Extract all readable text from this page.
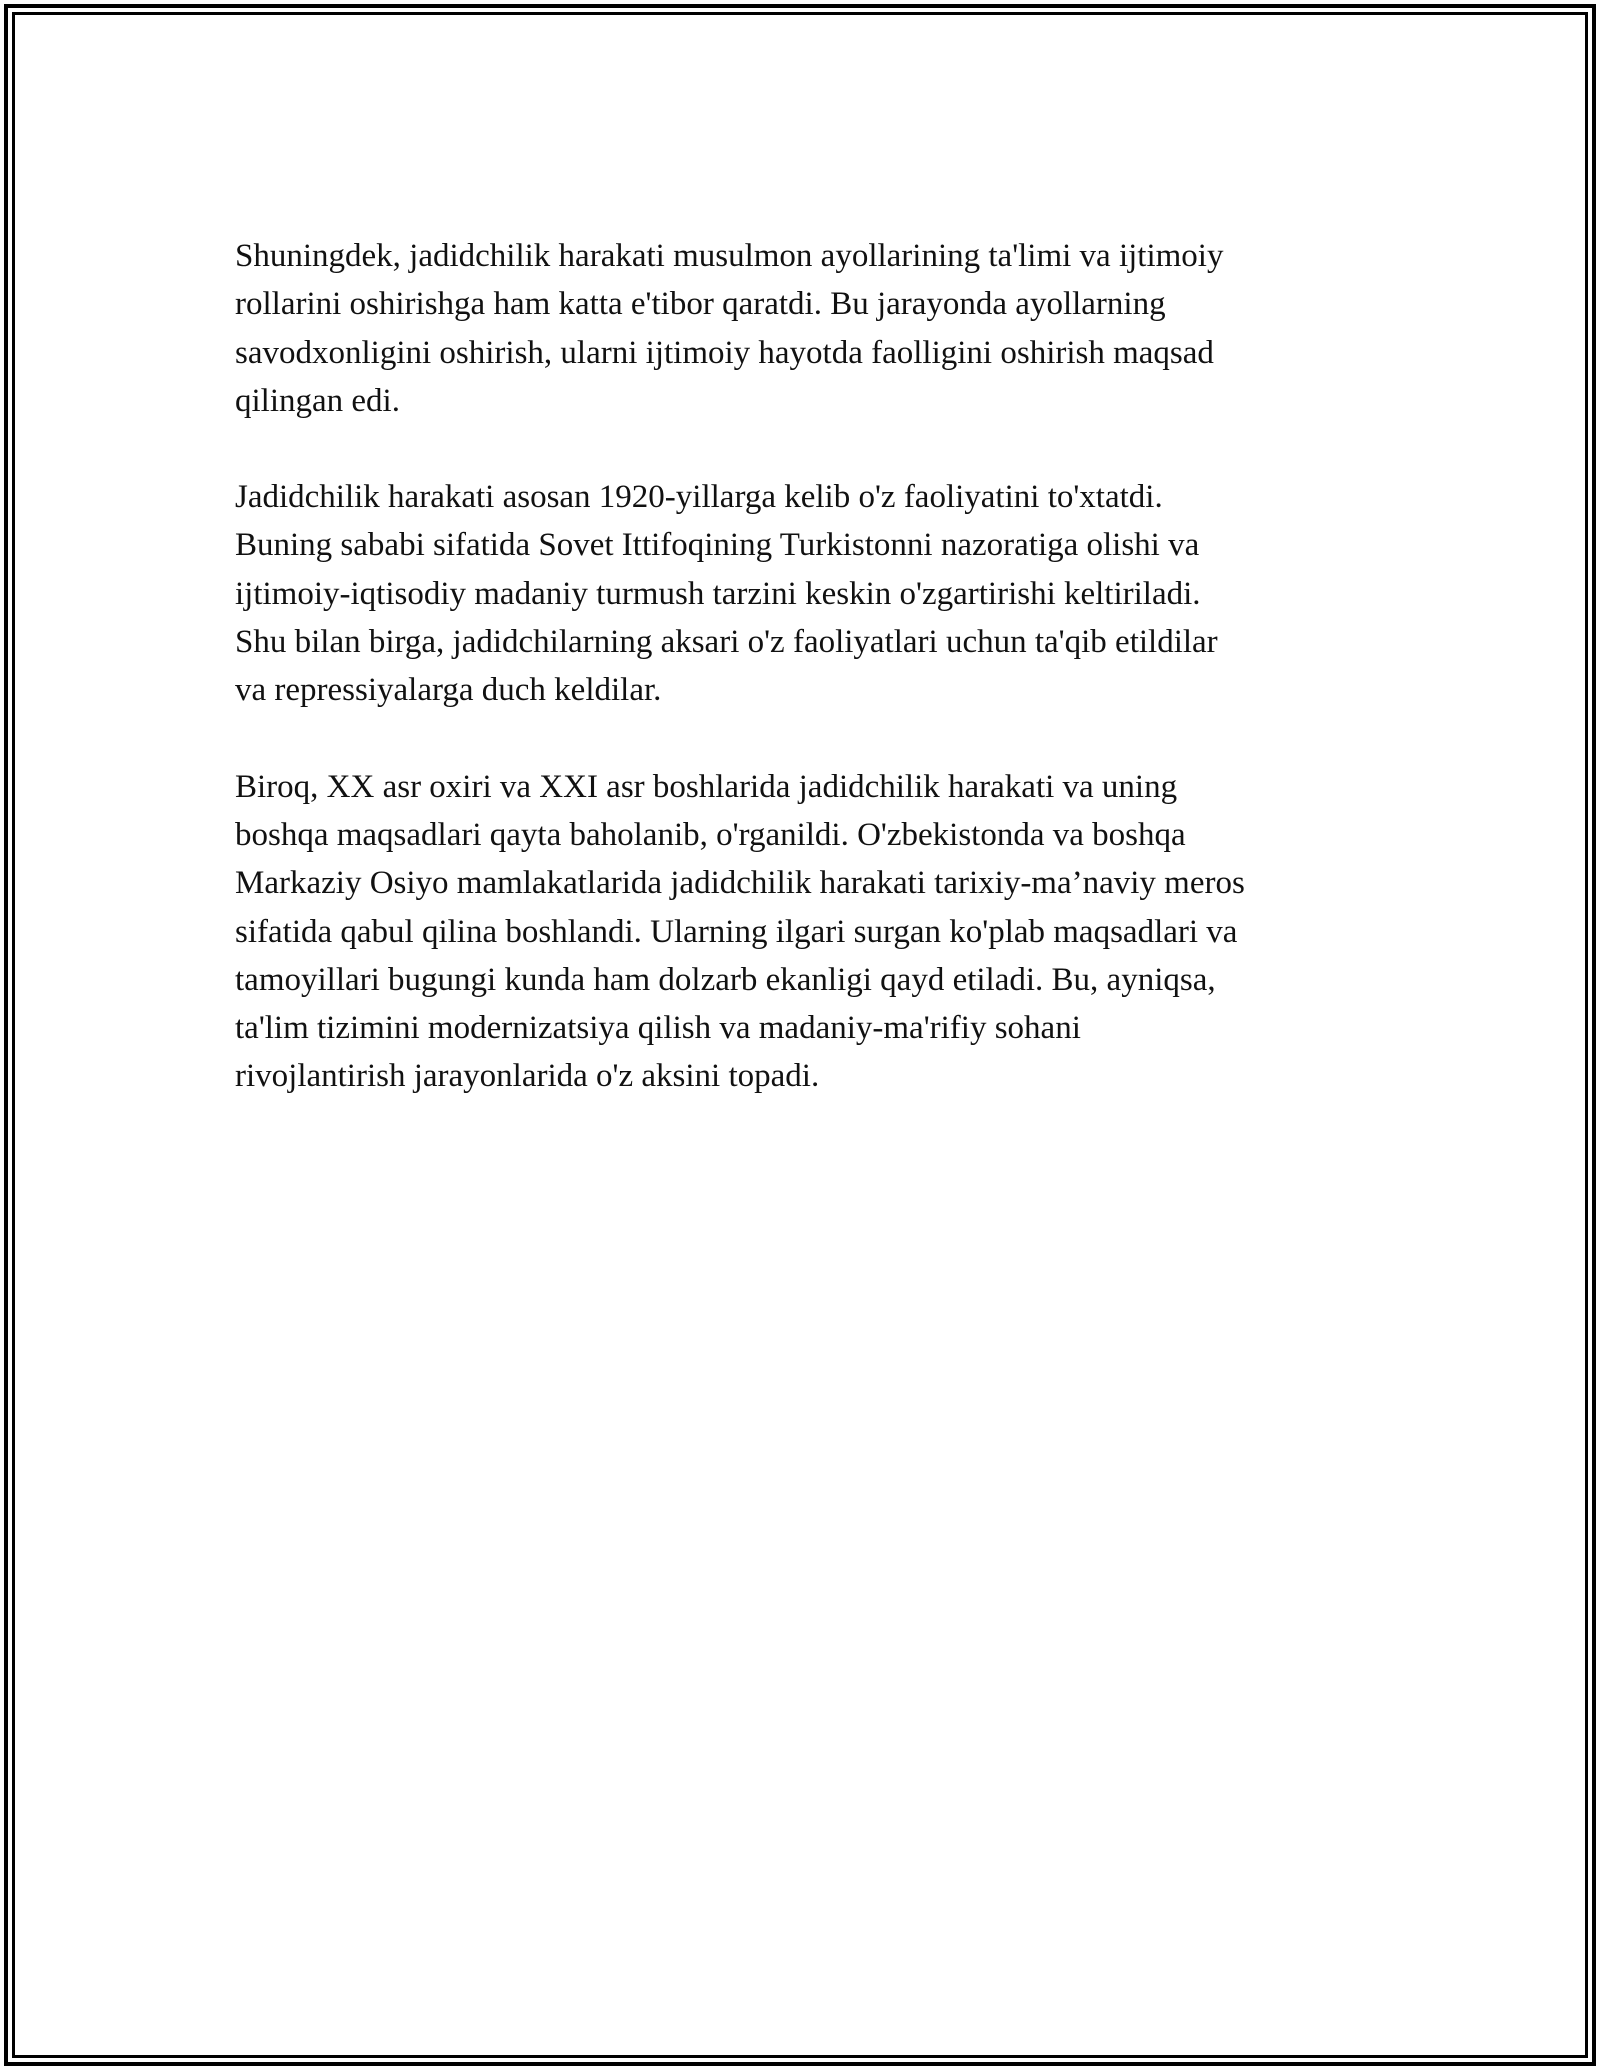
Shuningdek, jadidchilik harakati musulmon ayollarining ta'limi va ijtimoiy
rollarini oshirishga ham katta e'tibor qaratdi. Bu jarayonda ayollarning
savodxonligini oshirish, ularni ijtimoiy hayotda faolligini oshirish maqsad
qilingan edi.

Jadidchilik harakati asosan 1920-yillarga kelib o'z faoliyatini to'xtatdi.
Buning sababi sifatida Sovet Ittifoqining Turkistonni nazoratiga olishi va
ijtimoiy-iqtisodiy madaniy turmush tarzini keskin o'zgartirishi keltiriladi.
Shu bilan birga, jadidchilarning aksari o'z faoliyatlari uchun ta'qib etildilar
va repressiyalarga duch keldilar.

Biroq, XX asr oxiri va XXI asr boshlarida jadidchilik harakati va uning
boshqa maqsadlari qayta baholanib, o'rganildi. O'zbekistonda va boshqa
Markaziy Osiyo mamlakatlarida jadidchilik harakati tarixiy-ma’naviy meros
sifatida qabul qilina boshlandi. Ularning ilgari surgan ko'plab maqsadlari va
tamoyillari bugungi kunda ham dolzarb ekanligi qayd etiladi. Bu, ayniqsa,
ta'lim tizimini modernizatsiya qilish va madaniy-ma'rifiy sohani
rivojlantirish jarayonlarida o'z aksini topadi.
